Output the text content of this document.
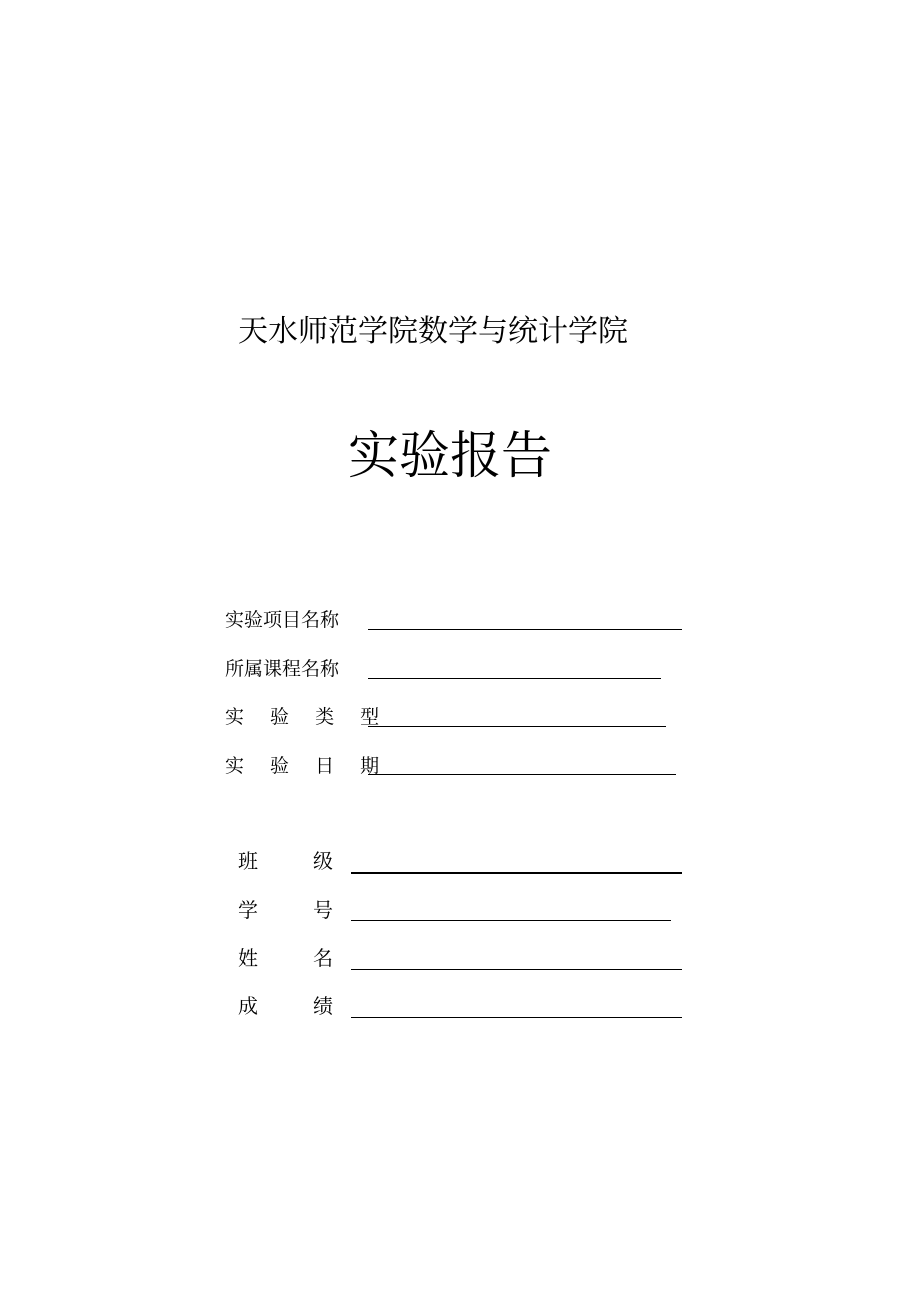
天水师范学院数学与统计学院
实验报告
实验项目名称
所属课程名称
实 验 类 型
实 验 日 期
班	级
学	号
姓	名
成	绩
